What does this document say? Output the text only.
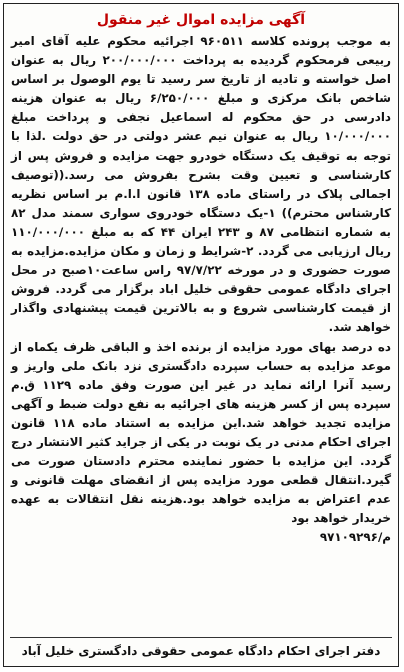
آگهی مزایده اموال غیر منقول

به موجب پرونده کلاسه ۹۶۰۵۱۱ اجرائیه محکوم علیه آقای امیر ربیعی فرمحکوم گردیده به پرداخت ۲۰۰/۰۰۰/۰۰۰ ریال به عنوان اصل خواسته و تادیه از تاریخ سر رسید تا یوم الوصول بر اساس شاخص بانک مرکزی و مبلغ ۶/۲۵۰/۰۰۰ ریال به عنوان هزینه دادرسی در حق محکوم له اسماعیل نجفی و پرداخت مبلغ ۱۰/۰۰۰/۰۰۰ ریال به عنوان نیم عشر دولتی در حق دولت .لذا با توجه به توقیف یک دستگاه خودرو جهت مزایده و فروش پس از کارشناسی و تعیین وقت بشرح بفروش می رسد.((توصیف اجمالی پلاک در راستای ماده ۱۳۸ قانون ا.ا.م بر اساس نظریه کارشناس محترم)) ۱-یک دستگاه خودروی سواری سمند مدل ۸۲ به شماره انتظامی ۸۷ و ۲۴۳ ایران ۴۴ که به مبلغ ۱۱۰/۰۰۰/۰۰۰ ریال ارزیابی می گردد. ۲-شرایط و زمان و مکان مزایده.مزایده به صورت حضوری و در مورخه ۹۷/۷/۲۲ راس ساعت۱۰صبح در محل اجرای دادگاه عمومی حقوقی خلیل اباد برگزار می گردد. فروش از قیمت کارشناسی شروع و به بالاترین قیمت پیشنهادی واگذار خواهد شد.

ده درصد بهای مورد مزایده از برنده اخذ و الباقی ظرف یکماه از موعد مزایده به حساب سپرده دادگستری نزد بانک ملی واریز و رسید آنرا ارائه نماید در غیر این صورت وفق ماده ۱۱۲۹ ق.م سپرده پس از کسر هزینه های اجرائیه به نفع دولت ضبط و آگهی مزایده تجدید خواهد شد.این مزایده به استناد ماده ۱۱۸ قانون اجرای احکام مدنی در یک نوبت در یکی از جراید کثیر الانتشار درج گردد. این مزایده با حضور نماینده محترم دادستان صورت می گیرد.انتقال قطعی مورد مزایده پس از انقضای مهلت قانونی و عدم اعتراض به مزایده خواهد بود.هزینه نقل انتقالات به عهده خریدار خواهد بود

م/۹۷۱۰۹۲۹۶

دفتر اجرای احکام دادگاه عمومی حقوقی دادگستری خلیل آباد
